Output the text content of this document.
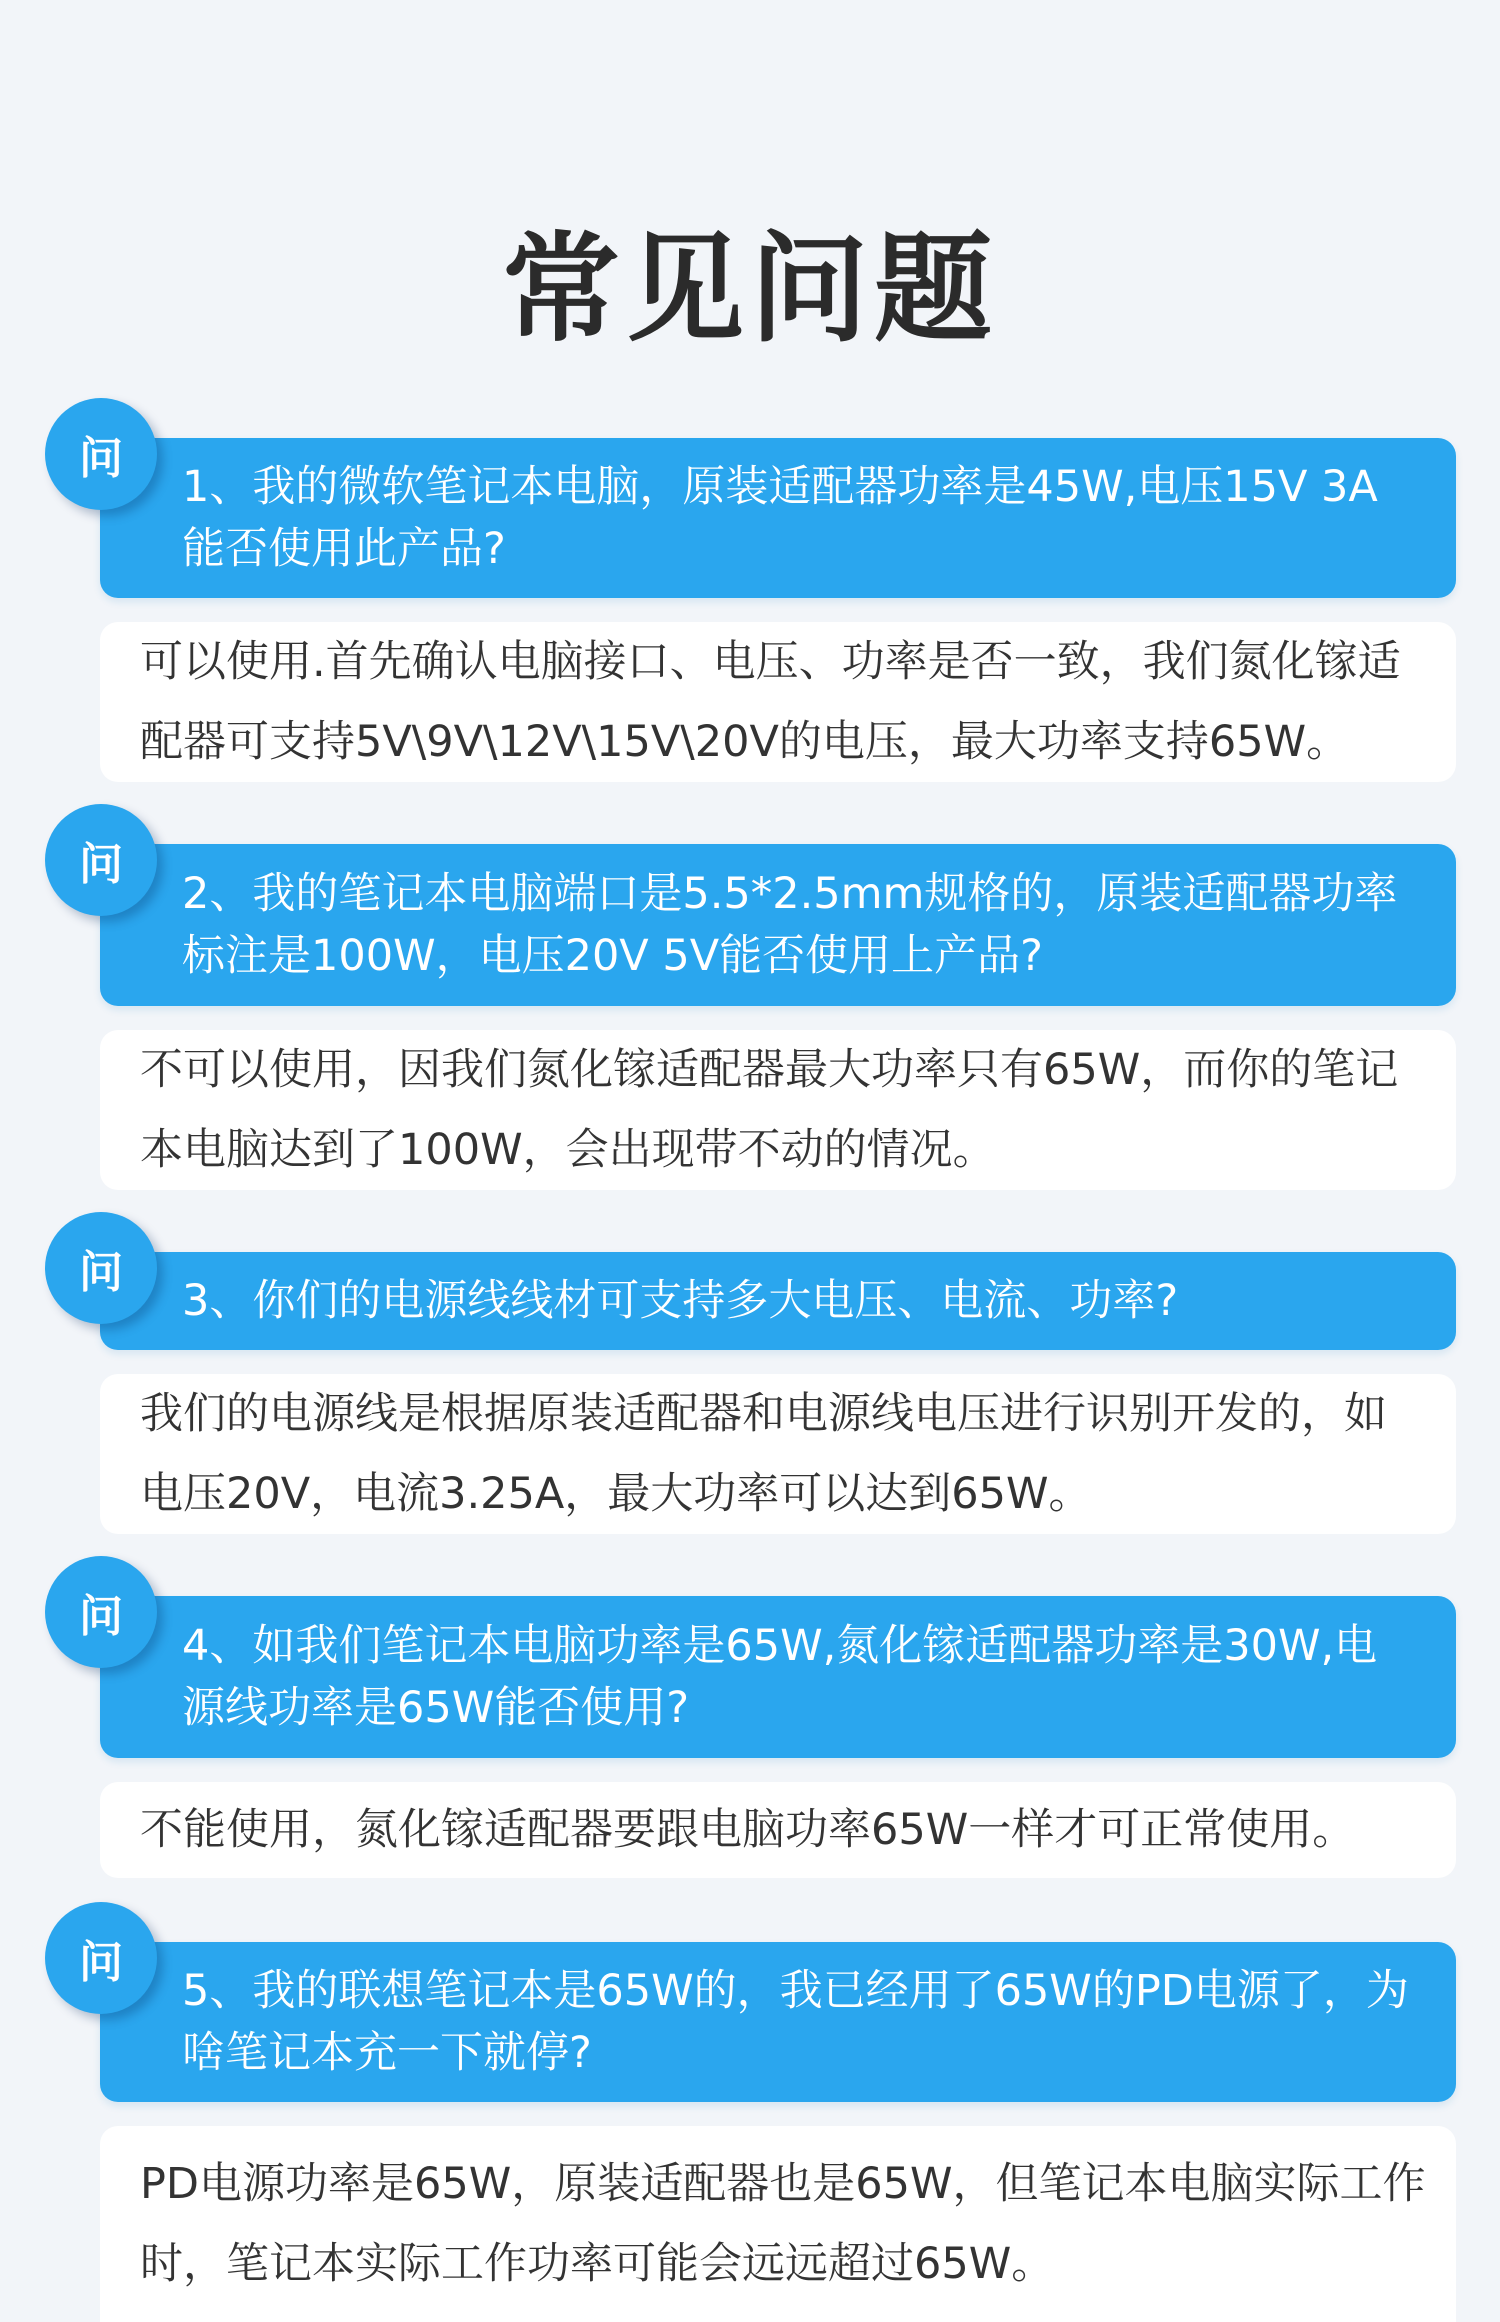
常见问题
问
1、我的微软笔记本电脑，原装适配器功率是45W,电压15V 3A能否使用此产品?
可以使用.首先确认电脑接口、电压、功率是否一致，我们氮化镓适配器可支持5V\9V\12V\15V\20V的电压，最大功率支持65W。
问
2、我的笔记本电脑端口是5.5*2.5mm规格的，原装适配器功率标注是100W，电压20V 5V能否使用上产品?
不可以使用，因我们氮化镓适配器最大功率只有65W，而你的笔记本电脑达到了100W，会出现带不动的情况。
问
3、你们的电源线线材可支持多大电压、电流、功率?
我们的电源线是根据原装适配器和电源线电压进行识别开发的，如电压20V，电流3.25A，最大功率可以达到65W。
问
4、如我们笔记本电脑功率是65W,氮化镓适配器功率是30W,电源线功率是65W能否使用?
不能使用，氮化镓适配器要跟电脑功率65W一样才可正常使用。
问
5、我的联想笔记本是65W的，我已经用了65W的PD电源了，为啥笔记本充一下就停?
PD电源功率是65W，原装适配器也是65W，但笔记本电脑实际工作时，笔记本实际工作功率可能会远远超过65W。
